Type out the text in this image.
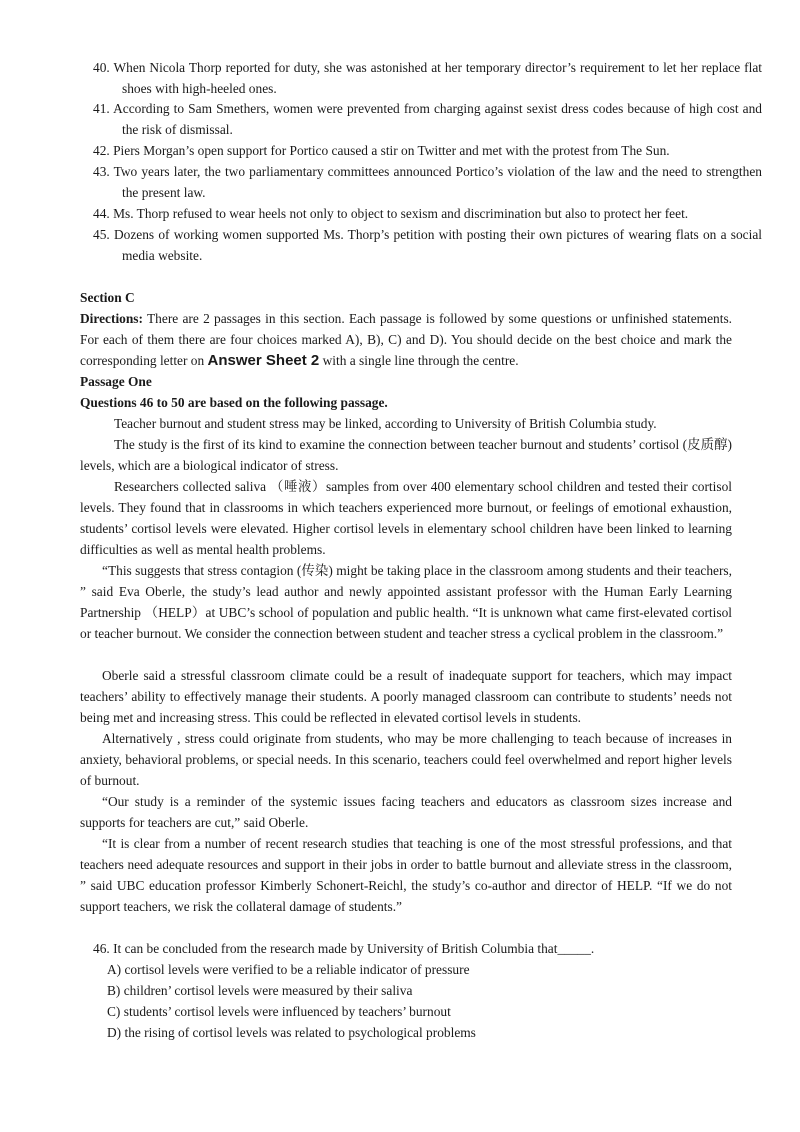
40. When Nicola Thorp reported for duty, she was astonished at her temporary director’s requirement to let her replace flat shoes with high-heeled ones.
41. According to Sam Smethers, women were prevented from charging against sexist dress codes because of high cost and the risk of dismissal.
42. Piers Morgan’s open support for Portico caused a stir on Twitter and met with the protest from The Sun.
43. Two years later, the two parliamentary committees announced Portico’s violation of the law and the need to strengthen the present law.
44. Ms. Thorp refused to wear heels not only to object to sexism and discrimination but also to protect her feet.
45. Dozens of working women supported Ms. Thorp’s petition with posting their own pictures of wearing flats on a social media website.
Section C
Directions: There are 2 passages in this section. Each passage is followed by some questions or unfinished statements. For each of them there are four choices marked A), B), C) and D). You should decide on the best choice and mark the corresponding letter on Answer Sheet 2 with a single line through the centre.
Passage One
Questions 46 to 50 are based on the following passage.
Teacher burnout and student stress may be linked, according to University of British Columbia study.
The study is the first of its kind to examine the connection between teacher burnout and students’ cortisol (皮质醇) levels, which are a biological indicator of stress.
Researchers collected saliva （唾液）samples from over 400 elementary school children and tested their cortisol levels. They found that in classrooms in which teachers experienced more burnout, or feelings of emotional exhaustion, students’ cortisol levels were elevated. Higher cortisol levels in elementary school children have been linked to learning difficulties as well as mental health problems.
“This suggests that stress contagion (传染) might be taking place in the classroom among students and their teachers, ” said Eva Oberle, the study’s lead author and newly appointed assistant professor with the Human Early Learning Partnership （HELP）at UBC’s school of population and public health. “It is unknown what came first-elevated cortisol or teacher burnout. We consider the connection between student and teacher stress a cyclical problem in the classroom.”
Oberle said a stressful classroom climate could be a result of inadequate support for teachers, which may impact teachers’ ability to effectively manage their students. A poorly managed classroom can contribute to students’ needs not being met and increasing stress. This could be reflected in elevated cortisol levels in students.
Alternatively , stress could originate from students, who may be more challenging to teach because of increases in anxiety, behavioral problems, or special needs. In this scenario, teachers could feel overwhelmed and report higher levels of burnout.
“Our study is a reminder of the systemic issues facing teachers and educators as classroom sizes increase and supports for teachers are cut,” said Oberle.
“It is clear from a number of recent research studies that teaching is one of the most stressful professions, and that teachers need adequate resources and support in their jobs in order to battle burnout and alleviate stress in the classroom, ” said UBC education professor Kimberly Schonert-Reichl, the study’s co-author and director of HELP. “If we do not support teachers, we risk the collateral damage of students.”
46. It can be concluded from the research made by University of British Columbia that_____.
A) cortisol levels were verified to be a reliable indicator of pressure
B) children’ cortisol levels were measured by their saliva
C) students’ cortisol levels were influenced by teachers’ burnout
D) the rising of cortisol levels was related to psychological problems
